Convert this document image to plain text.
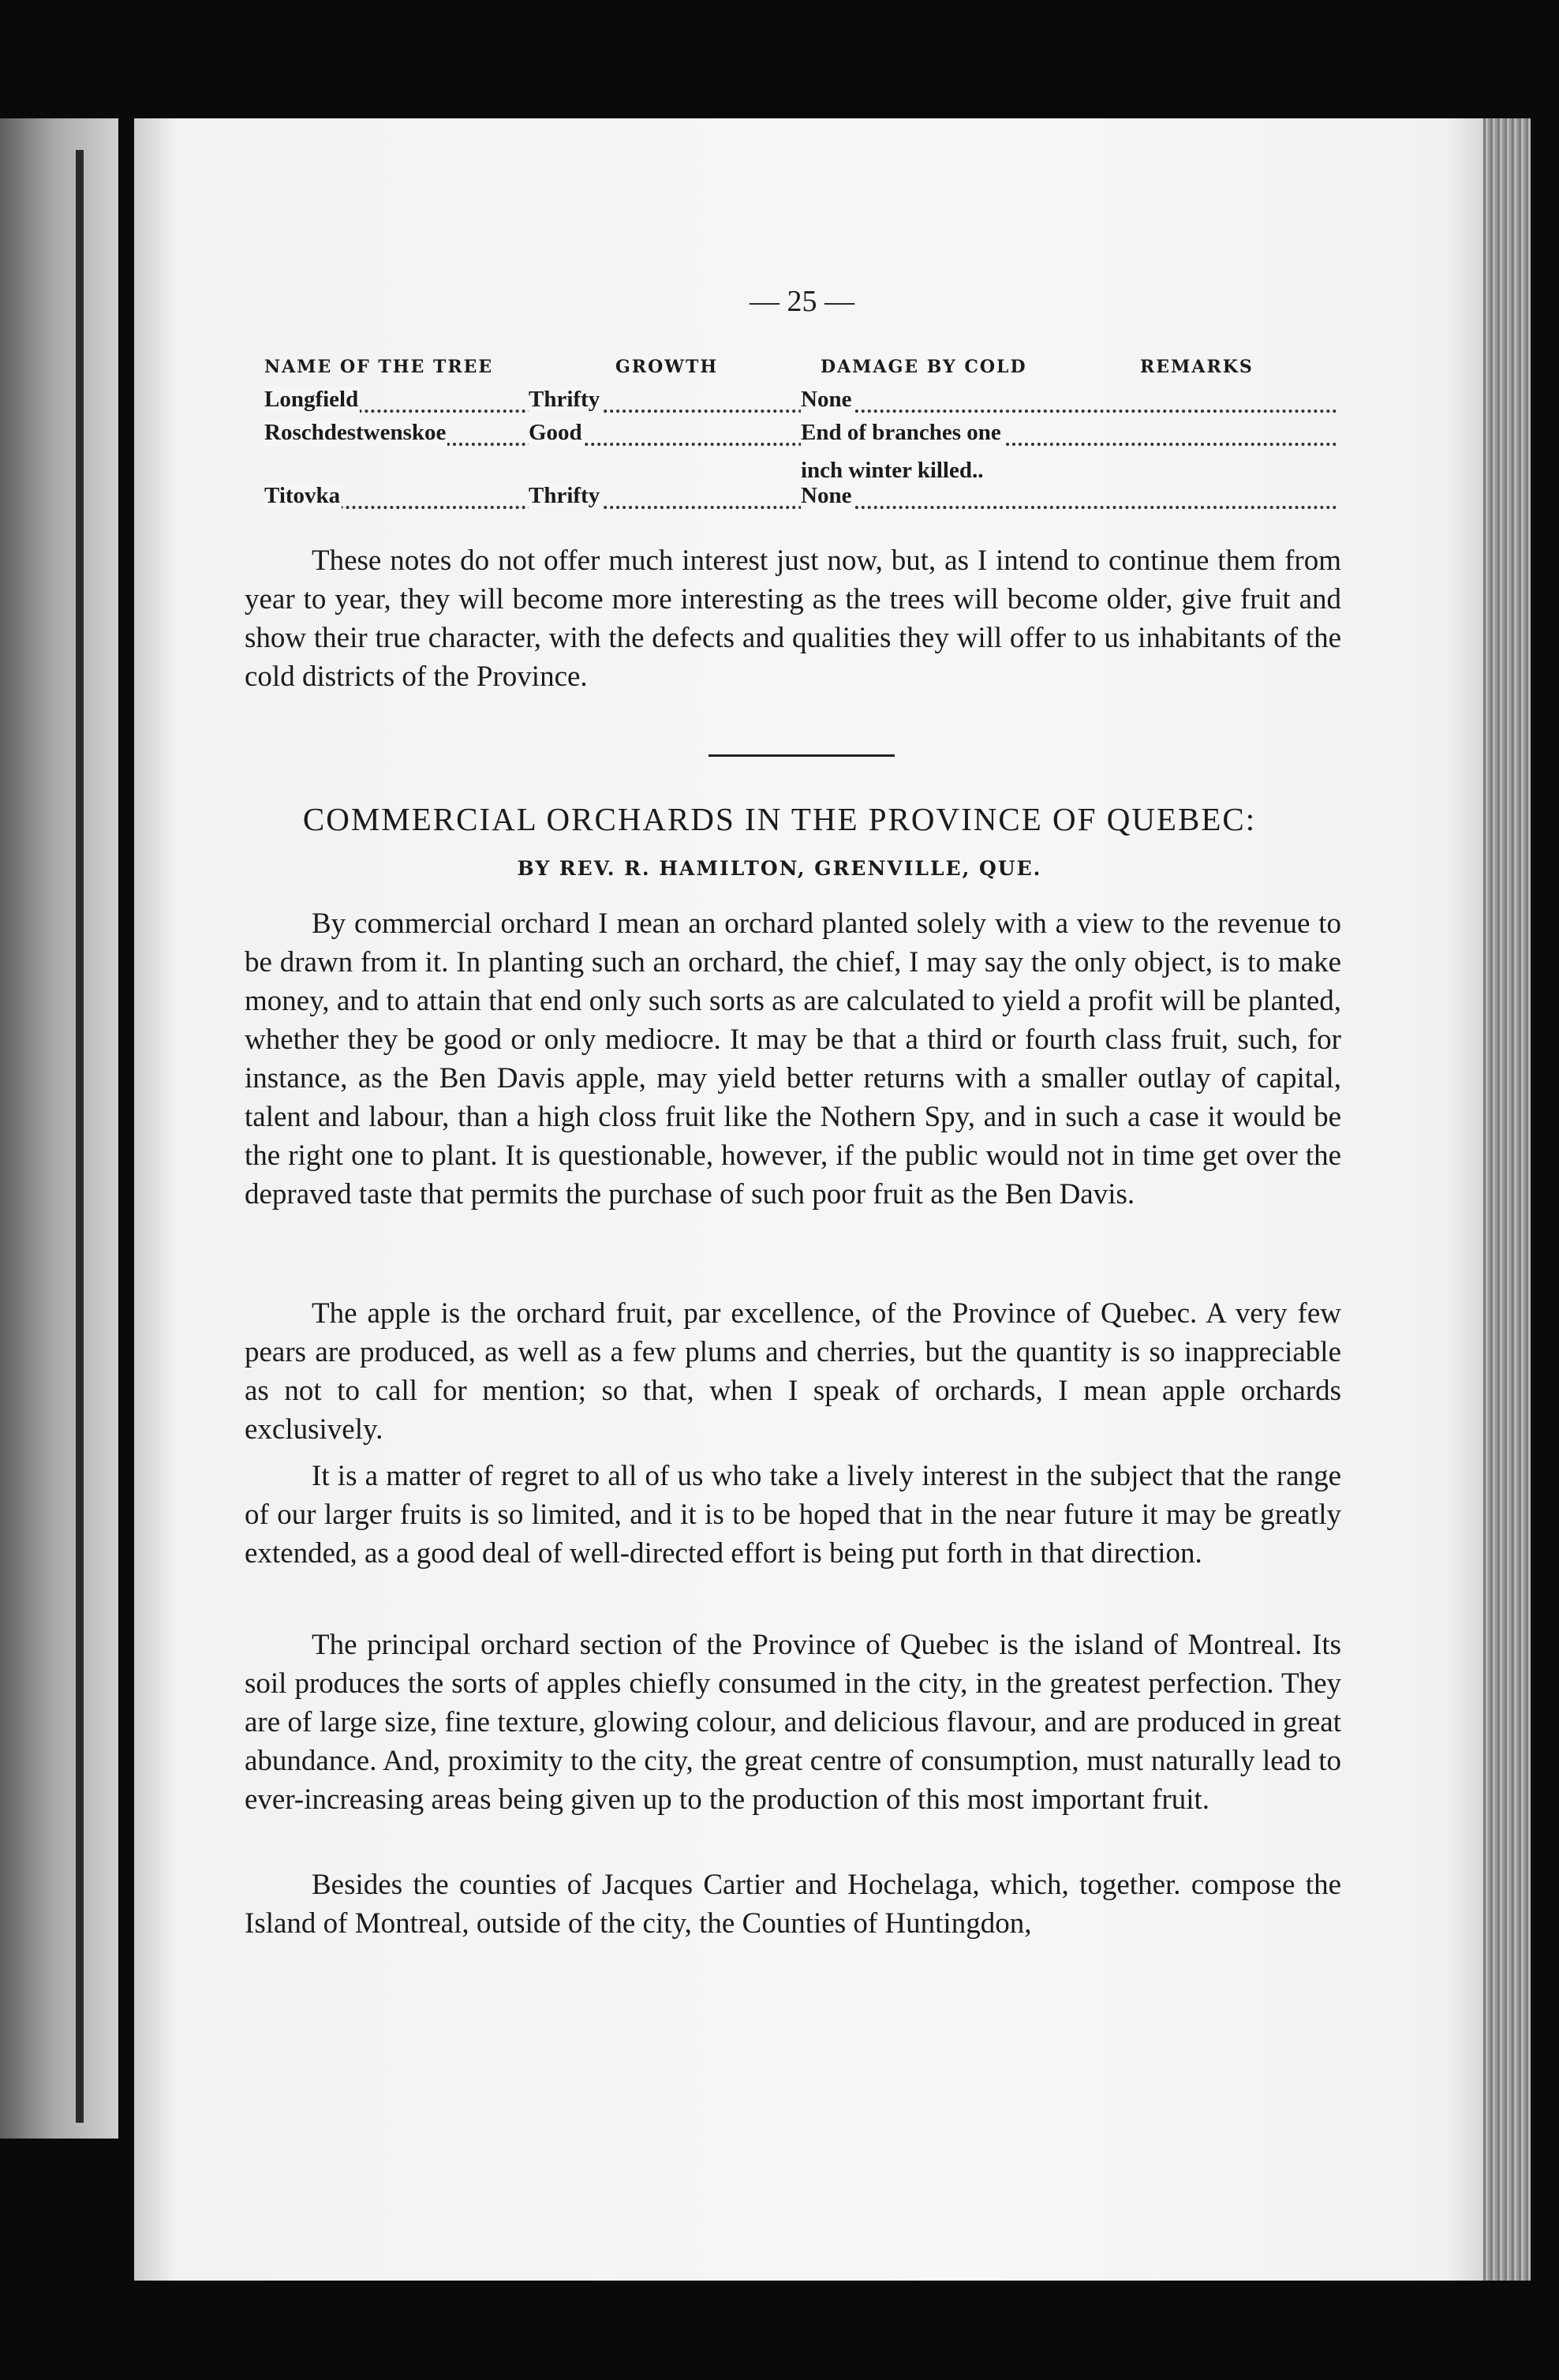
— 25 —
NAME OF THE TREE	GROWTH	DAMAGE BY COLD	REMARKS
Longfield	Thrifty	None
Roschdestwenskoe	Good	End of branches one
inch winter killed..
Titovka	Thrifty	None

These notes do not offer much interest just now, but, as I intend to continue them from year to year, they will become more interesting as the trees will become older, give fruit and show their true character, with the defects and qualities they will offer to us inhabitants of the cold districts of the Province.

COMMERCIAL ORCHARDS IN THE PROVINCE OF QUEBEC:
BY REV. R. HAMILTON, GRENVILLE, QUE.

By commercial orchard I mean an orchard planted solely with a view to the revenue to be drawn from it. In planting such an orchard, the chief, I may say the only object, is to make money, and to attain that end only such sorts as are calculated to yield a profit will be planted, whether they be good or only mediocre. It may be that a third or fourth class fruit, such, for instance, as the Ben Davis apple, may yield better returns with a smaller outlay of capital, talent and labour, than a high closs fruit like the Nothern Spy, and in such a case it would be the right one to plant. It is questionable, however, if the public would not in time get over the depraved taste that permits the purchase of such poor fruit as the Ben Davis.

The apple is the orchard fruit, par excellence, of the Province of Quebec. A very few pears are produced, as well as a few plums and cherries, but the quantity is so inappreciable as not to call for mention; so that, when I speak of orchards, I mean apple orchards exclusively.

It is a matter of regret to all of us who take a lively interest in the subject that the range of our larger fruits is so limited, and it is to be hoped that in the near future it may be greatly extended, as a good deal of well-directed effort is being put forth in that direction.

The principal orchard section of the Province of Quebec is the island of Montreal. Its soil produces the sorts of apples chiefly consumed in the city, in the greatest perfection. They are of large size, fine texture, glowing colour, and delicious flavour, and are produced in great abundance. And, proximity to the city, the great centre of consumption, must naturally lead to ever-increasing areas being given up to the production of this most important fruit.

Besides the counties of Jacques Cartier and Hochelaga, which, together. compose the Island of Montreal, outside of the city, the Counties of Huntingdon,
